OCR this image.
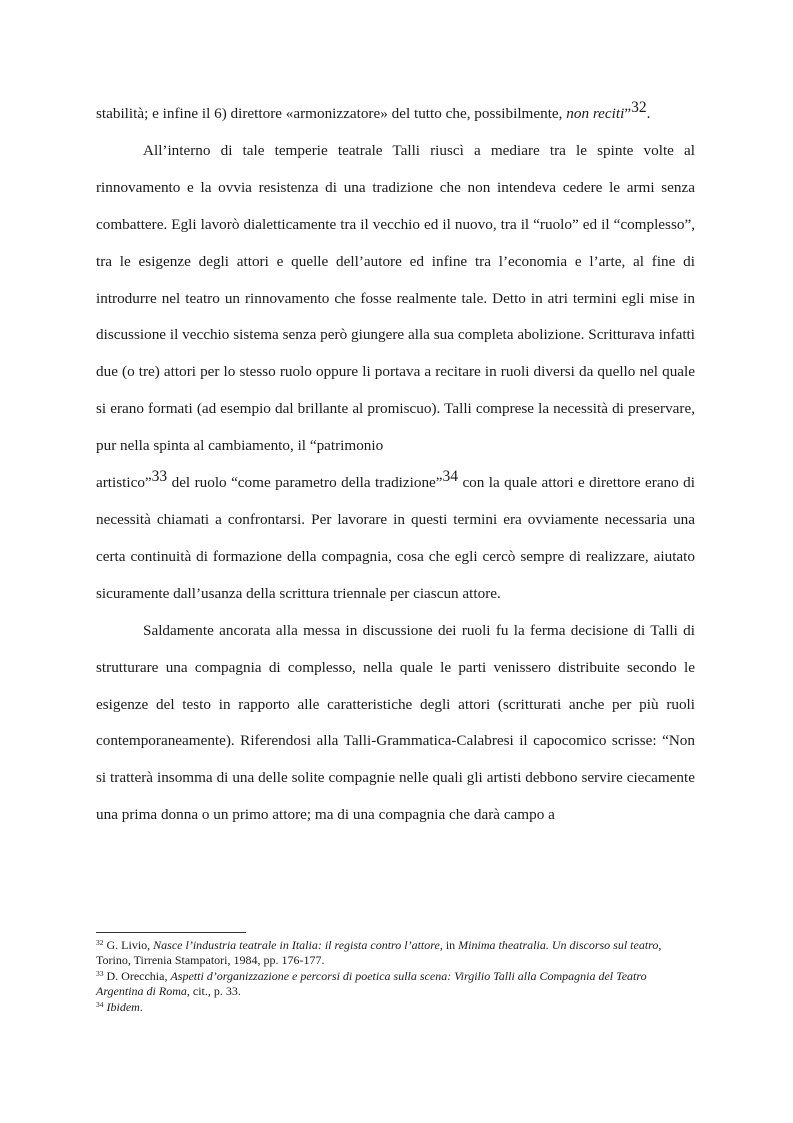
stabilità; e infine il 6) direttore «armonizzatore» del tutto che, possibilmente, non reciti”32.

All’interno di tale temperie teatrale Talli riuscì a mediare tra le spinte volte al rinnovamento e la ovvia resistenza di una tradizione che non intendeva cedere le armi senza combattere. Egli lavorò dialetticamente tra il vecchio ed il nuovo, tra il “ruolo” ed il “complesso”, tra le esigenze degli attori e quelle dell’autore ed infine tra l’economia e l’arte, al fine di introdurre nel teatro un rinnovamento che fosse realmente tale. Detto in atri termini egli mise in discussione il vecchio sistema senza però giungere alla sua completa abolizione. Scritturava infatti due (o tre) attori per lo stesso ruolo oppure li portava a recitare in ruoli diversi da quello nel quale si erano formati (ad esempio dal brillante al promiscuo). Talli comprese la necessità di preservare, pur nella spinta al cambiamento, il “patrimonio

artistico”33 del ruolo “come parametro della tradizione”34 con la quale attori e direttore erano di necessità chiamati a confrontarsi. Per lavorare in questi termini era ovviamente necessaria una certa continuità di formazione della compagnia, cosa che egli cercò sempre di realizzare, aiutato sicuramente dall’usanza della scrittura triennale per ciascun attore.

Saldamente ancorata alla messa in discussione dei ruoli fu la ferma decisione di Talli di strutturare una compagnia di complesso, nella quale le parti venissero distribuite secondo le esigenze del testo in rapporto alle caratteristiche degli attori (scritturati anche per più ruoli contemporaneamente). Riferendosi alla Talli-Grammatica-Calabresi il capocomico scrisse: “Non si tratterà insomma di una delle solite compagnie nelle quali gli artisti debbono servire ciecamente una prima donna o un primo attore; ma di una compagnia che darà campo a

$^{32}$ G. Livio, Nasce l’industria teatrale in Italia: il regista contro l’attore, in Minima theatralia. Un discorso sul teatro, Torino, Tirrenia Stampatori, 1984, pp. 176-177.

$^{33}$ D. Orecchia, Aspetti d’organizzazione e percorsi di poetica sulla scena: Virgilio Talli alla Compagnia del Teatro Argentina di Roma, cit., p. 33.

$^{34}$ Ibidem.
